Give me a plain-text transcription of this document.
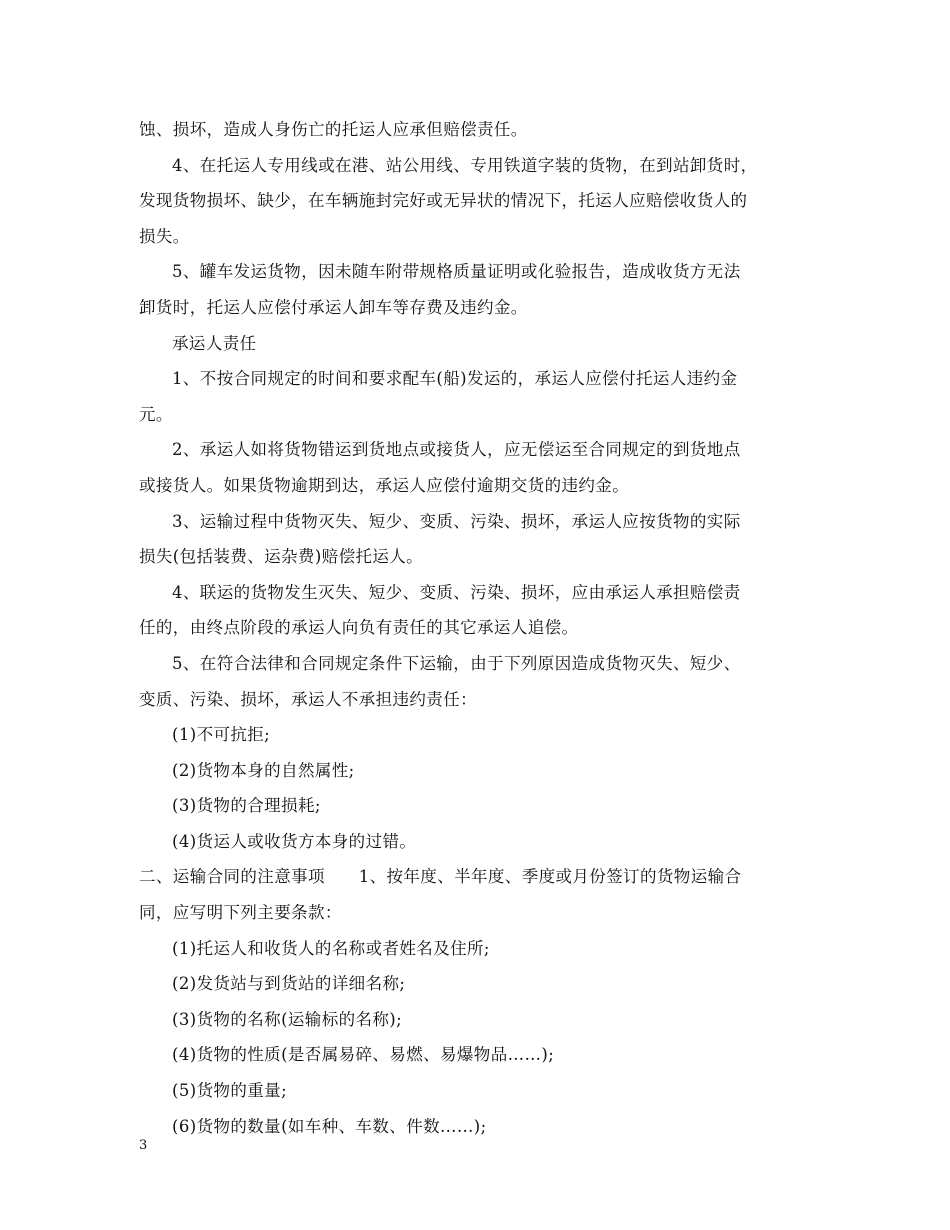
蚀、损坏，造成人身伤亡的托运人应承但赔偿责任。

4、在托运人专用线或在港、站公用线、专用铁道字装的货物，在到站卸货时，

发现货物损坏、缺少，在车辆施封完好或无异状的情况下，托运人应赔偿收货人的

损失。

5、罐车发运货物，因未随车附带规格质量证明或化验报告，造成收货方无法

卸货时，托运人应偿付承运人卸车等存费及违约金。

承运人责任

1、不按合同规定的时间和要求配车(船)发运的，承运人应偿付托运人违约金

元。

2、承运人如将货物错运到货地点或接货人，应无偿运至合同规定的到货地点

或接货人。如果货物逾期到达，承运人应偿付逾期交货的违约金。

3、运输过程中货物灭失、短少、变质、污染、损坏，承运人应按货物的实际

损失(包括装费、运杂费)赔偿托运人。

4、联运的货物发生灭失、短少、变质、污染、损坏，应由承运人承担赔偿责

任的，由终点阶段的承运人向负有责任的其它承运人追偿。

5、在符合法律和合同规定条件下运输，由于下列原因造成货物灭失、短少、

变质、污染、损坏，承运人不承担违约责任：

(1)不可抗拒;

(2)货物本身的自然属性;

(3)货物的合理损耗;

(4)货运人或收货方本身的过错。

二、运输合同的注意事项　　1、按年度、半年度、季度或月份签订的货物运输合

同，应写明下列主要条款：

(1)托运人和收货人的名称或者姓名及住所;

(2)发货站与到货站的详细名称;

(3)货物的名称(运输标的名称);

(4)货物的性质(是否属易碎、易燃、易爆物品……);

(5)货物的重量;

(6)货物的数量(如车种、车数、件数……);

3
